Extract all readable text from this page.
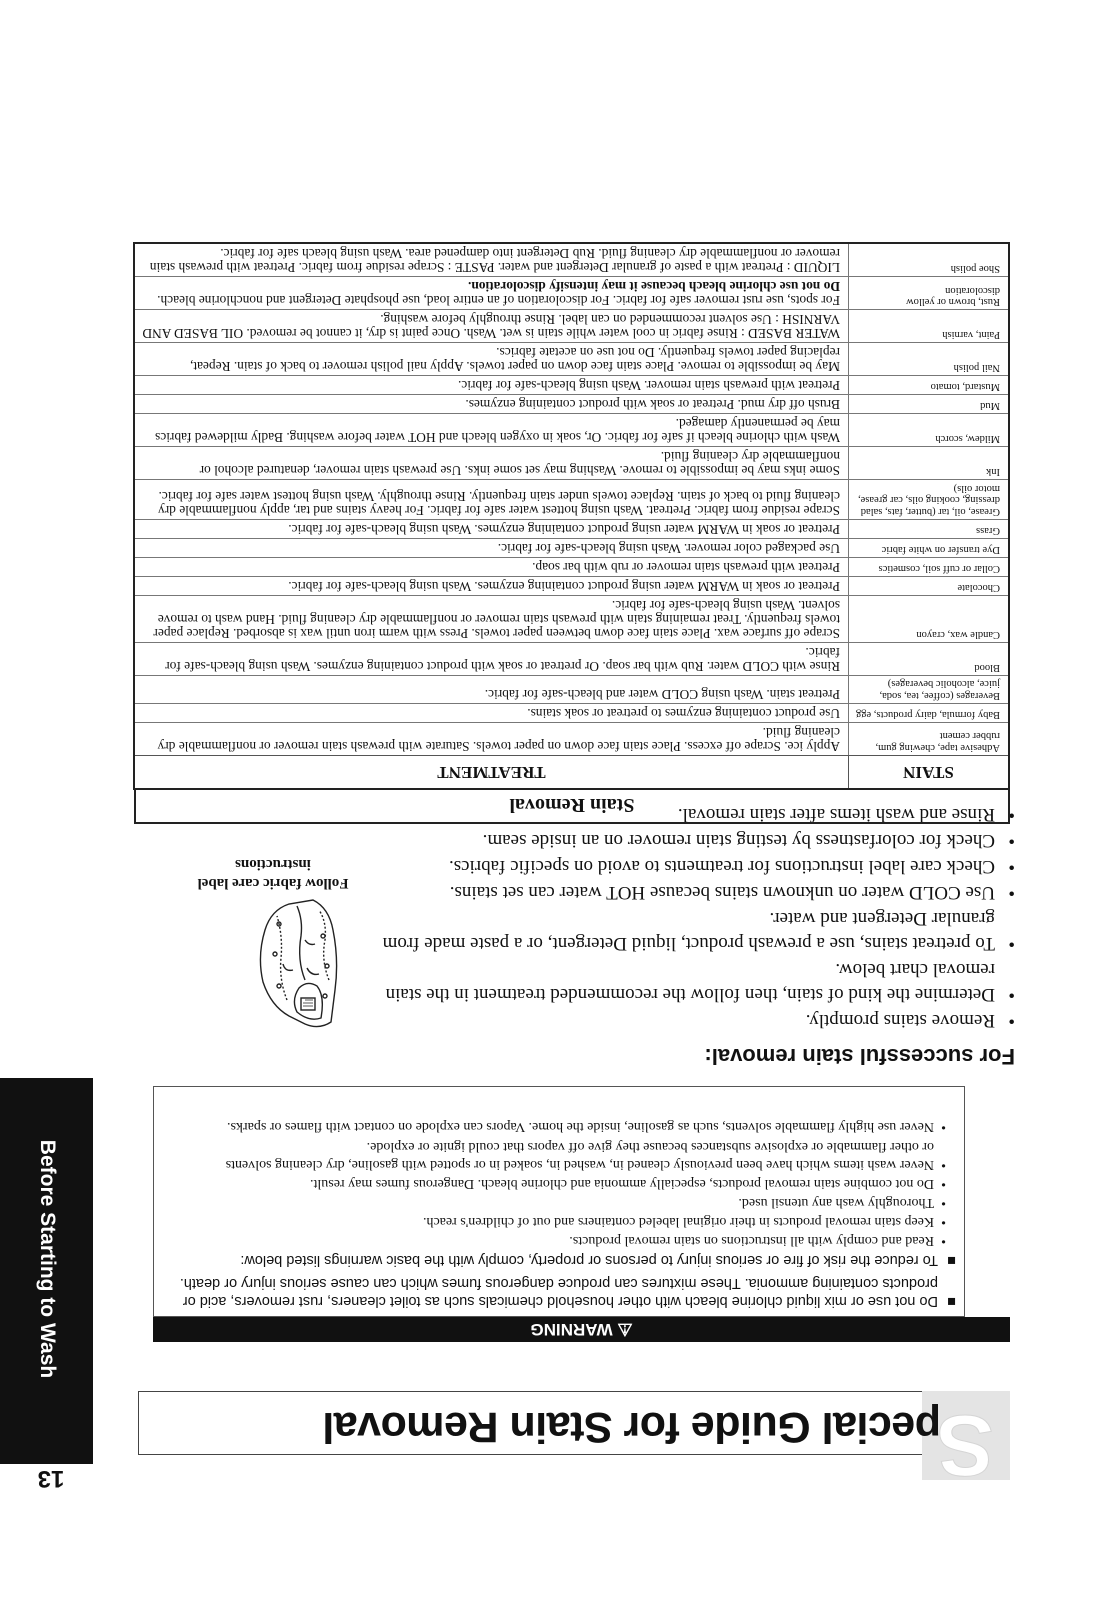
Before Starting to Wash
13	S
pecial Guide for Stain Removal
⚠ WARNING
■
Do not use or mix liquid chlorine bleach with other household chemicals such as toilet cleaners, rust removers, acid or
products containing ammonia. These mixtures can produce dangerous fumes which can cause serious injury or death.
■
To reduce the risk of fire or serious injury to persons or property, comply with the basic warnings listed below:
•
Read and comply with all instructions on stain removal products.
•
Keep stain removal products in their original labeled containers and out of children's reach.
•
Thoroughly wash any utensil used.
•
Do not combine stain removal products, especially ammonia and chlorine bleach. Dangerous fumes may result.
•
Never wash items which have been previously cleaned in, washed in, soaked in or spotted with gasoline, dry cleaning solvents
or other flammable or explosive substances because they give off vapors that could ignite or explode.
•
Never use highly flammable solvents, such as gasoline, inside the home. Vapors can explode on contact with flames or sparks.
For successful stain removal:
•
Remove stains promptly.
•
Determine the kind of stain, then follow the recommended treatment in the stain
removal chart below.
•
To pretreat stains, use a prewash product, liquid Detergent, or a paste made from
granular Detergent and water.
•
Use COLD water on unknown stains because HOT water can set stains.
•
Check care label instructions for treatments to avoid on specific fabrics.
•
Check for colorfastness by testing stain remover on an inside seam.
•
Rinse and wash items after stain removal.
Follow fabric care label
instructions
Stain Removal
STAIN	TREATMENT
Adhesive tape, chewing gum, rubber cement	Apply ice. Scrape off excess. Place stain face down on paper towels. Saturate with prewash stain remover or nonflammable dry cleaning fluid.
Baby formula, dairy products, egg	Use product containing enzymes to pretreat or soak stains.
Beverages (coffee, tea, soda, juice, alcoholic beverages)	Pretreat stain. Wash using COLD water and bleach-safe for fabric.
Blood	Rinse with COLD water. Rub with bar soap. Or pretreat or soak with product containing enzymes. Wash using bleach-safe for fabric.
Candle wax, crayon	Scrape off surface wax. Place stain face down between paper towels. Press with warm iron until wax is absorbed. Replace paper towels frequently. Treat remaining stain with prewash stain remover or nonflammable dry cleaning fluid. Hand wash to remove solvent. Wash using bleach-safe for fabric.
Chocolate	Pretreat or soak in WARM water using product containing enzymes. Wash using bleach-safe for fabric.
Collar or cuff soil, cosmetics	Pretreat with prewash stain remover or rub with bar soap.
Dye transfer on white fabric	Use packaged color remover. Wash using bleach-safe for fabric.
Grass	Pretreat or soak in WARM water using product containing enzymes. Wash using bleach-safe for fabric.
Grease, oil, tar (butter, fats, salad dressing, cooking oils, car grease, motor oils)	Scrape residue from fabric. Pretreat. Wash using hottest water safe for fabric. For heavy stains and tar, apply nonflammable dry cleaning fluid to back of stain. Replace towels under stain frequently. Rinse throughly. Wash using hottest water safe for fabric.
Ink	Some inks may be impossible to remove. Washing may set some inks. Use prewash stain remover, denatured alcohol or nonflammable dry cleaning fluid.
Mildew, scorch	Wash with chlorine bleach if safe for fabric. Or, soak in oxygen bleach and HOT water before washing. Badly mildewed fabrics may be permanently damaged.
Mud	Brush off dry mud. Pretreat or soak with product containing enzymes.
Mustard, tomato	Pretreat with prewash stain remover. Wash using bleach-safe for fabric.
Nail polish	May be impossible to remove. Place stain face down on paper towels. Apply nail polish remover to back of stain. Repeat, replacing paper towels frequently. Do not use on acetate fabrics.
Paint, varnish	WATER BASED : Rinse fabric in cool water while stain is wet. Wash. Once paint is dry, it cannot be removed. OIL BASED AND VARNISH : Use solvent recommended on can label. Rinse throughly before washing.
Rust, brown or yellow discoloration	For spots, use rust remover safe for fabric. For discoloration of an entire load, use phosphate Detergent and nonchlorine bleach. Do not use chlorine bleach because it may intensify discoloration.
Shoe polish	LIQUID : Pretreat with a paste of granular Detergent and water. PASTE : Scrape residue from fabric. Pretreat with prewash stain remover or nonflammable dry cleaning fluid. Rub Detergent into dampened area. Wash using bleach safe for fabric.
